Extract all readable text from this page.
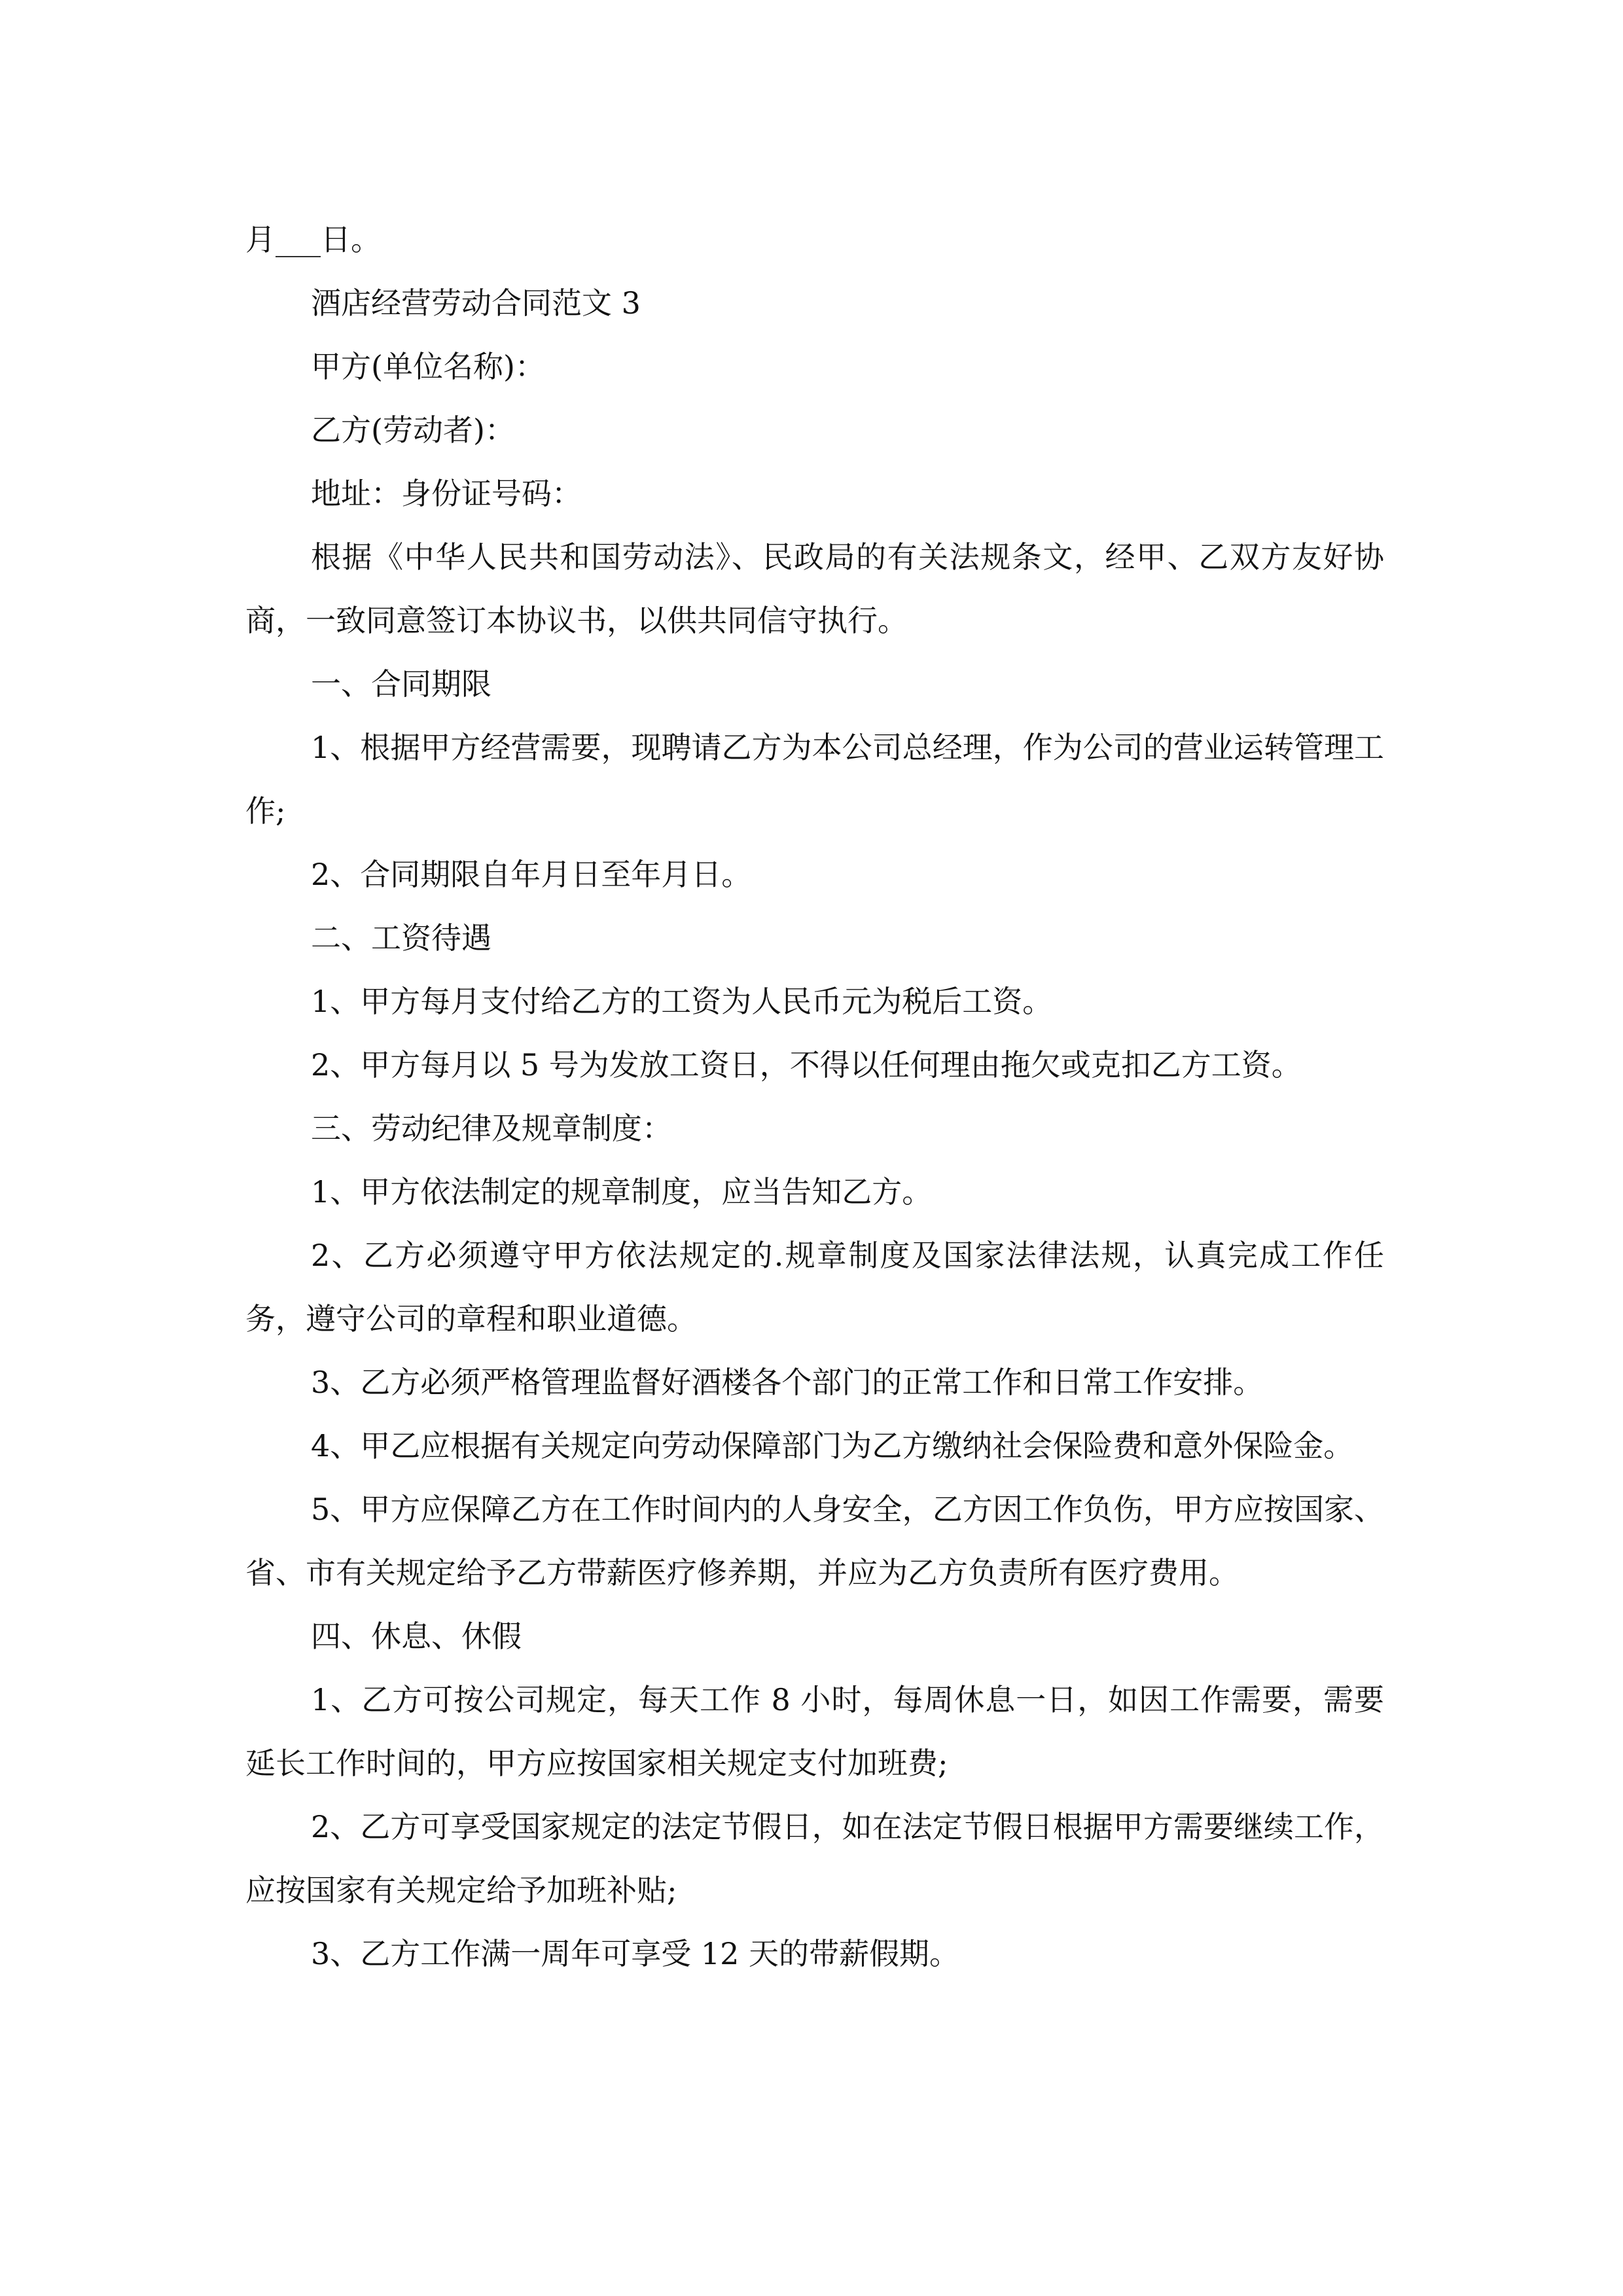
月___日。

酒店经营劳动合同范文 3

甲方(单位名称)：

乙方(劳动者)：

地址：身份证号码：

根据《中华人民共和国劳动法》、民政局的有关法规条文，经甲、乙双方友好协商，一致同意签订本协议书，以供共同信守执行。

一、合同期限

1、根据甲方经营需要，现聘请乙方为本公司总经理，作为公司的营业运转管理工作;

2、合同期限自年月日至年月日。

二、工资待遇

1、甲方每月支付给乙方的工资为人民币元为税后工资。

2、甲方每月以 5 号为发放工资日，不得以任何理由拖欠或克扣乙方工资。

三、劳动纪律及规章制度：

1、甲方依法制定的规章制度，应当告知乙方。

2、乙方必须遵守甲方依法规定的.规章制度及国家法律法规，认真完成工作任务，遵守公司的章程和职业道德。

3、乙方必须严格管理监督好酒楼各个部门的正常工作和日常工作安排。

4、甲乙应根据有关规定向劳动保障部门为乙方缴纳社会保险费和意外保险金。

5、甲方应保障乙方在工作时间内的人身安全，乙方因工作负伤，甲方应按国家、省、市有关规定给予乙方带薪医疗修养期，并应为乙方负责所有医疗费用。

四、休息、休假

1、乙方可按公司规定，每天工作 8 小时，每周休息一日，如因工作需要，需要延长工作时间的，甲方应按国家相关规定支付加班费;

2、乙方可享受国家规定的法定节假日，如在法定节假日根据甲方需要继续工作，应按国家有关规定给予加班补贴;

3、乙方工作满一周年可享受 12 天的带薪假期。
